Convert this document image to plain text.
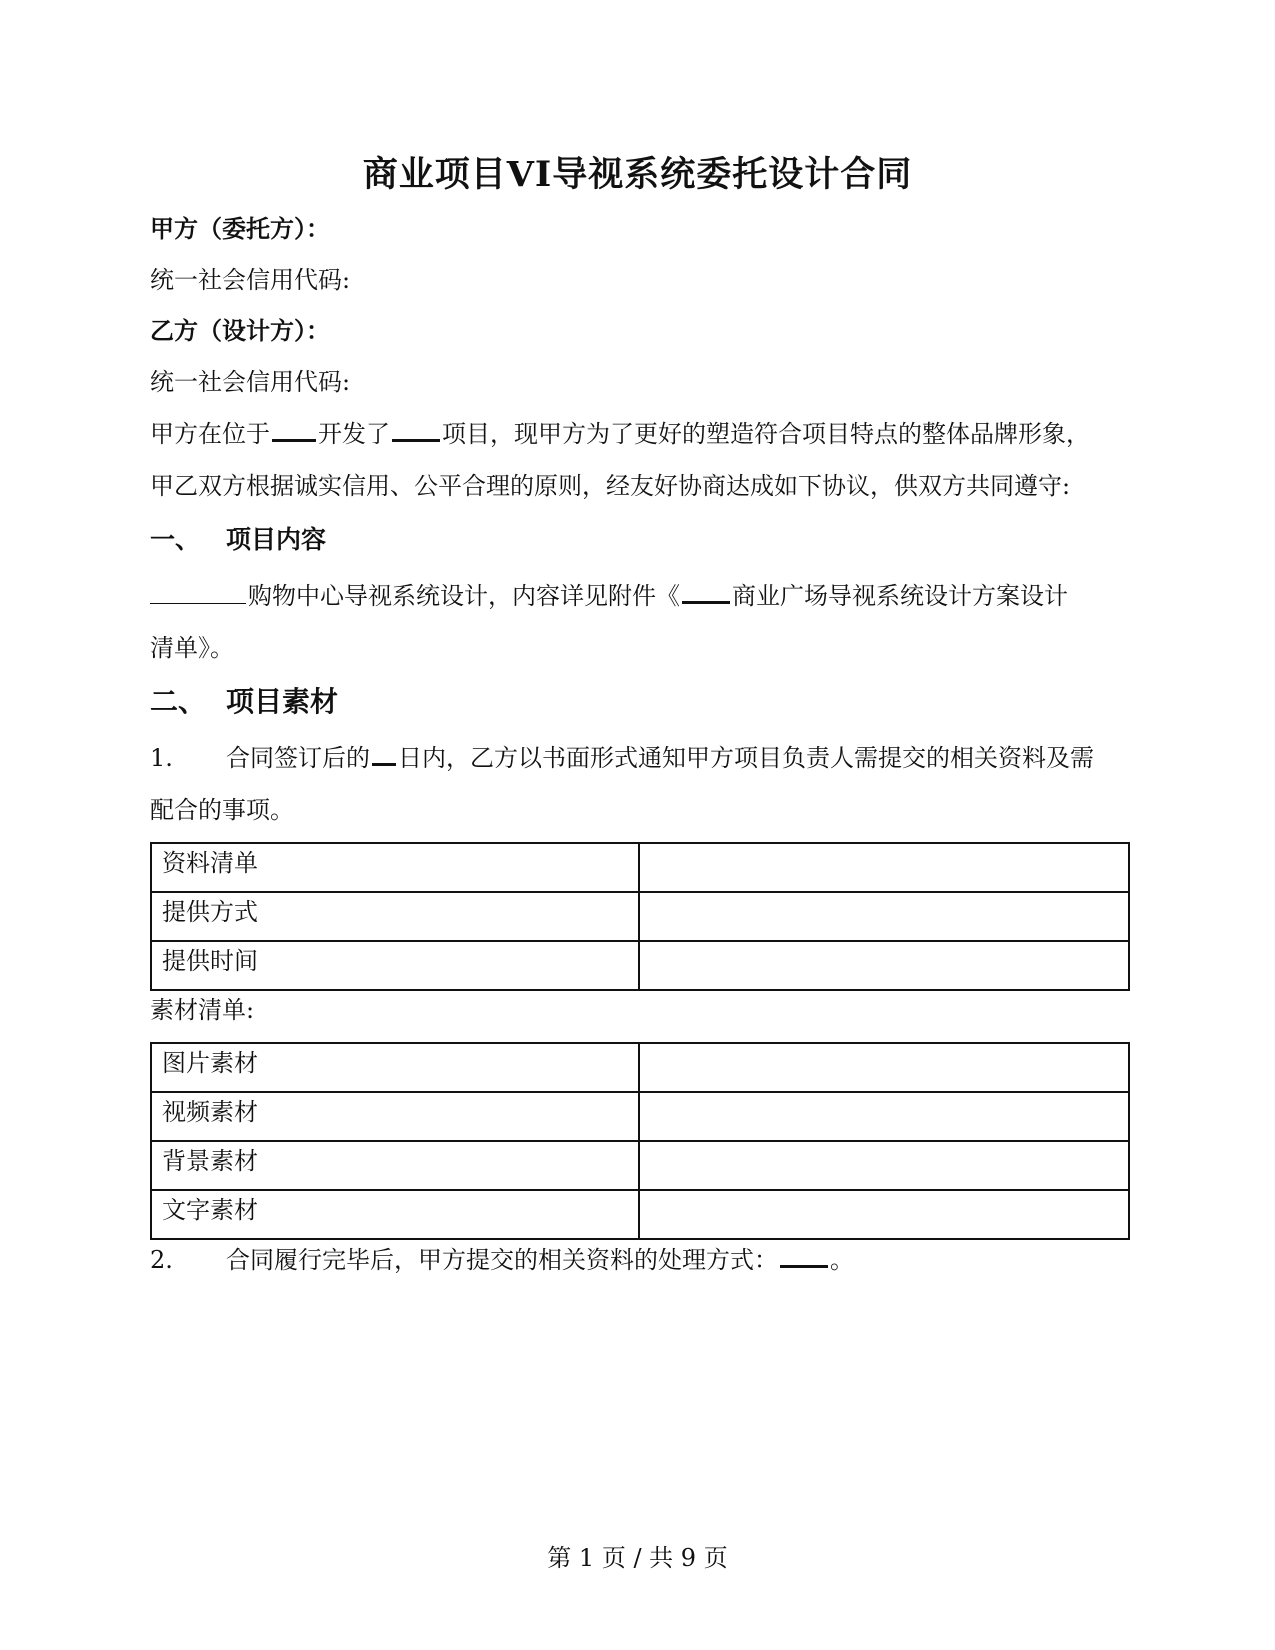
商业项目VI导视系统委托设计合同
甲方（委托方）：
统一社会信用代码:
乙方（设计方）：
统一社会信用代码:
甲方在位于 开发了 项目，现甲方为了更好的塑造符合项目特点的整体品牌形象，
甲乙双方根据诚实信用、公平合理的原则，经友好协商达成如下协议，供双方共同遵守:
一、 项目内容
购物中心导视系统设计，内容详见附件《 商业广场导视系统设计方案设计
清单》。
二、 项目素材
1. 合同签订后的 日内，乙方以书面形式通知甲方项目负责人需提交的相关资料及需
配合的事项。
资料清单	
提供方式	
提供时间	
素材清单:
图片素材	
视频素材	
背景素材	
文字素材	
2. 合同履行完毕后，甲方提交的相关资料的处理方式： 。
第 1 页 / 共 9 页
